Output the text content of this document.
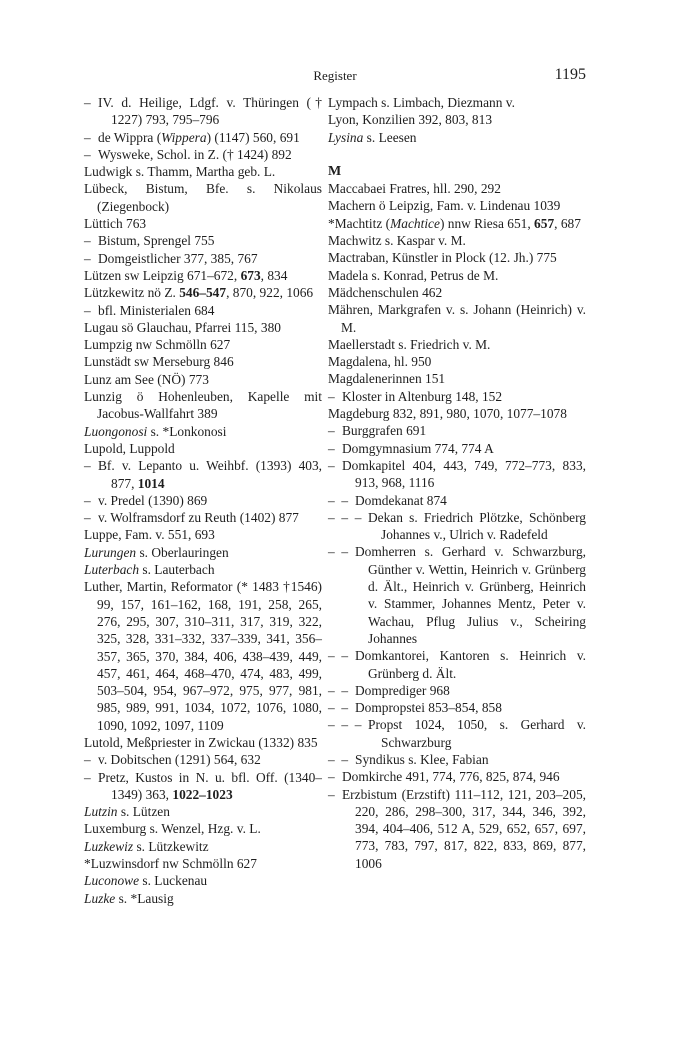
Register	1195
– IV. d. Heilige, Ldgf. v. Thüringen († 1227) 793, 795–796
– de Wippra (Wippera) (1147) 560, 691
– Wysweke, Schol. in Z. († 1424) 892
Ludwigk s. Thamm, Martha geb. L.
Lübeck, Bistum, Bfe. s. Nikolaus (Ziegenbock)
Lüttich 763
– Bistum, Sprengel 755
– Domgeistlicher 377, 385, 767
Lützen sw Leipzig 671–672, 673, 834
Lützkewitz nö Z. 546–547, 870, 922, 1066
– bfl. Ministerialen 684
Lugau sö Glauchau, Pfarrei 115, 380
Lumpzig nw Schmölln 627
Lunstädt sw Merseburg 846
Lunz am See (NÖ) 773
Lunzig ö Hohenleuben, Kapelle mit Jacobus-Wallfahrt 389
Luongonosi s. *Lonkonosi
Lupold, Luppold
– Bf. v. Lepanto u. Weihbf. (1393) 403, 877, 1014
– v. Predel (1390) 869
– v. Wolframsdorf zu Reuth (1402) 877
Luppe, Fam. v. 551, 693
Lurungen s. Oberlauringen
Luterbach s. Lauterbach
Luther, Martin, Reformator (* 1483 †1546) 99, 157, 161–162, 168, 191, 258, 265, 276, 295, 307, 310–311, 317, 319, 322, 325, 328, 331–332, 337–339, 341, 356–357, 365, 370, 384, 406, 438–439, 449, 457, 461, 464, 468–470, 474, 483, 499, 503–504, 954, 967–972, 975, 977, 981, 985, 989, 991, 1034, 1072, 1076, 1080, 1090, 1092, 1097, 1109
Lutold, Meßpriester in Zwickau (1332) 835
– v. Dobitschen (1291) 564, 632
– Pretz, Kustos in N. u. bfl. Off. (1340–1349) 363, 1022–1023
Lutzin s. Lützen
Luxemburg s. Wenzel, Hzg. v. L.
Luzkewiz s. Lützkewitz
*Luzwinsdorf nw Schmölln 627
Luconowe s. Luckenau
Luzke s. *Lausig
Lympach s. Limbach, Diezmann v.
Lyon, Konzilien 392, 803, 813
Lysina s. Leesen
M
Maccabaei Fratres, hll. 290, 292
Machern ö Leipzig, Fam. v. Lindenau 1039
*Machtitz (Machtice) nnw Riesa 651, 657, 687
Machwitz s. Kaspar v. M.
Mactraban, Künstler in Plock (12. Jh.) 775
Madela s. Konrad, Petrus de M.
Mädchenschulen 462
Mähren, Markgrafen v. s. Johann (Heinrich) v. M.
Maellerstadt s. Friedrich v. M.
Magdalena, hl. 950
Magdalenerinnen 151
– Kloster in Altenburg 148, 152
Magdeburg 832, 891, 980, 1070, 1077–1078
– Burggrafen 691
– Domgymnasium 774, 774 A
– Domkapitel 404, 443, 749, 772–773, 833, 913, 968, 1116
–  – Domdekanat 874
–  –  – Dekan s. Friedrich Plötzke, Schönberg Johannes v., Ulrich v. Radefeld
–  – Domherren s. Gerhard v. Schwarzburg, Günther v. Wettin, Heinrich v. Grünberg d. Ält., Heinrich v. Grünberg, Heinrich v. Stammer, Johannes Mentz, Peter v. Wachau, Pflug Julius v., Scheiring Johannes
–  – Domkantorei, Kantoren s. Heinrich v. Grünberg d. Ält.
–  – Domprediger 968
–  – Dompropstei 853–854, 858
–  –  – Propst 1024, 1050, s. Gerhard v. Schwarzburg
–  – Syndikus s. Klee, Fabian
– Domkirche 491, 774, 776, 825, 874, 946
– Erzbistum (Erzstift) 111–112, 121, 203–205, 220, 286, 298–300, 317, 344, 346, 392, 394, 404–406, 512 A, 529, 652, 657, 697, 773, 783, 797, 817, 822, 833, 869, 877, 1006
